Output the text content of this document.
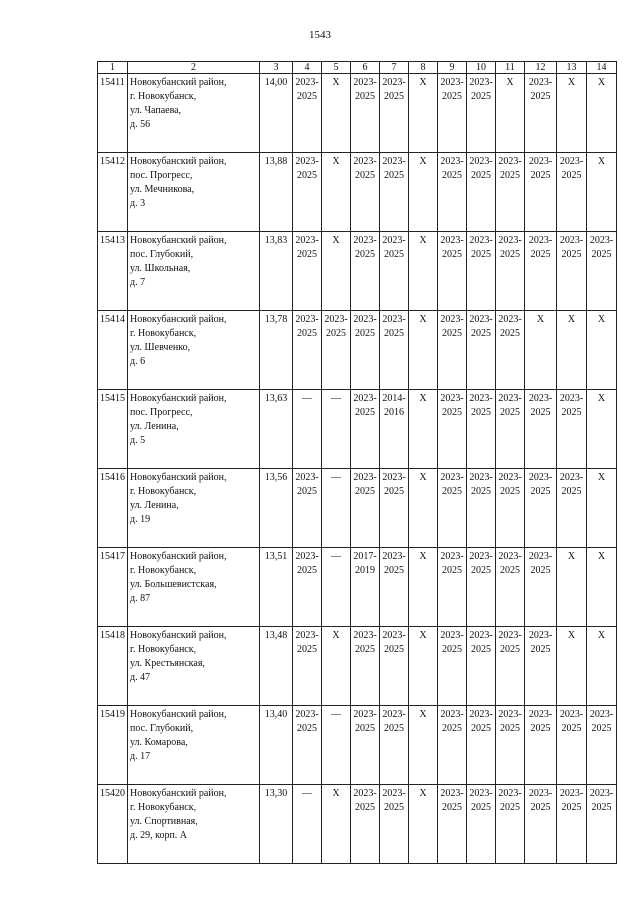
1543
1	2	3	4	5	6	7	8	9	10	11	12	13	14
15411	Новокубанский район,
г. Новокубанск,
ул. Чапаева,
д. 56	14,00	2023-
2025	Х	2023-
2025	2023-
2025	Х	2023-
2025	2023-
2025	Х	2023-
2025	Х	Х

15412	Новокубанский район,
пос. Прогресс,
ул. Мечникова,
д. 3	13,88	2023-
2025	Х	2023-
2025	2023-
2025	Х	2023-
2025	2023-
2025	2023-
2025	2023-
2025	2023-
2025	Х

15413	Новокубанский район,
пос. Глубокий,
ул. Школьная,
д. 7	13,83	2023-
2025	Х	2023-
2025	2023-
2025	Х	2023-
2025	2023-
2025	2023-
2025	2023-
2025	2023-
2025	2023-
2025

15414	Новокубанский район,
г. Новокубанск,
ул. Шевченко,
д. 6	13,78	2023-
2025	2023-
2025	2023-
2025	2023-
2025	Х	2023-
2025	2023-
2025	2023-
2025	Х	Х	Х

15415	Новокубанский район,
пос. Прогресс,
ул. Ленина,
д. 5	13,63	—	—	2023-
2025	2014-
2016	Х	2023-
2025	2023-
2025	2023-
2025	2023-
2025	2023-
2025	Х

15416	Новокубанский район,
г. Новокубанск,
ул. Ленина,
д. 19	13,56	2023-
2025	—	2023-
2025	2023-
2025	Х	2023-
2025	2023-
2025	2023-
2025	2023-
2025	2023-
2025	Х

15417	Новокубанский район,
г. Новокубанск,
ул. Большевистская,
д. 87	13,51	2023-
2025	—	2017-
2019	2023-
2025	Х	2023-
2025	2023-
2025	2023-
2025	2023-
2025	Х	Х

15418	Новокубанский район,
г. Новокубанск,
ул. Крестьянская,
д. 47	13,48	2023-
2025	Х	2023-
2025	2023-
2025	Х	2023-
2025	2023-
2025	2023-
2025	2023-
2025	Х	Х

15419	Новокубанский район,
пос. Глубокий,
ул. Комарова,
д. 17	13,40	2023-
2025	—	2023-
2025	2023-
2025	Х	2023-
2025	2023-
2025	2023-
2025	2023-
2025	2023-
2025	2023-
2025

15420	Новокубанский район,
г. Новокубанск,
ул. Спортивная,
д. 29, корп. А	13,30	—	Х	2023-
2025	2023-
2025	Х	2023-
2025	2023-
2025	2023-
2025	2023-
2025	2023-
2025	2023-
2025
